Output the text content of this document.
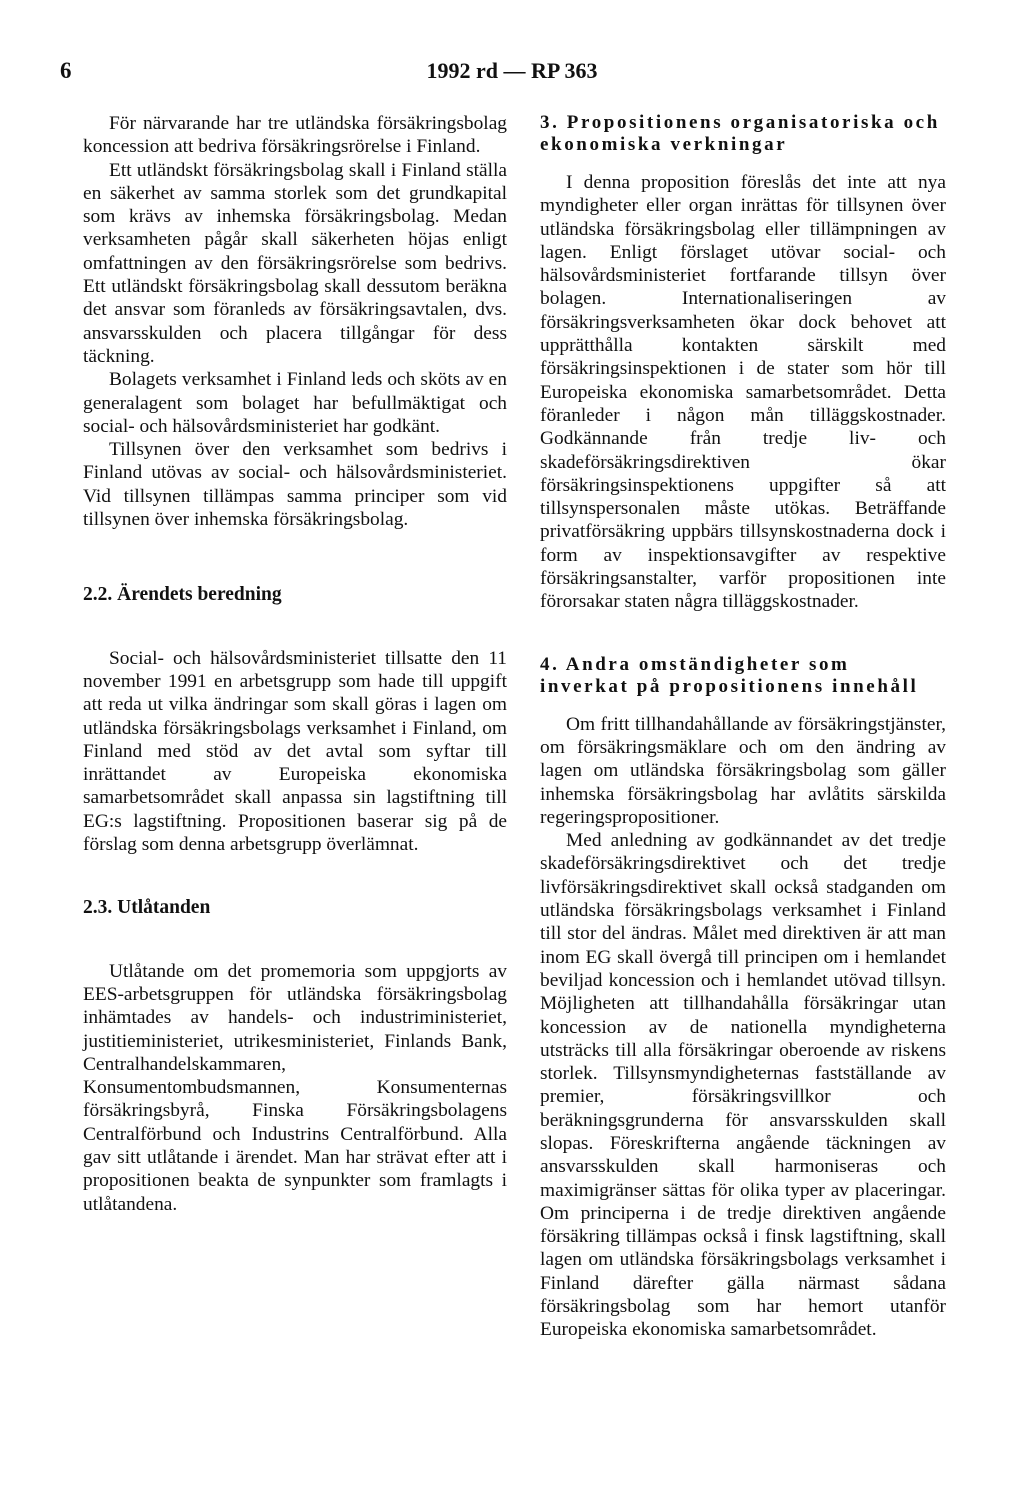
6	1992 rd — RP 363

För närvarande har tre utländska försäkringsbolag koncession att bedriva försäkringsrörelse i Finland.

Ett utländskt försäkringsbolag skall i Finland ställa en säkerhet av samma storlek som det grundkapital som krävs av inhemska försäkringsbolag. Medan verksamheten pågår skall säkerheten höjas enligt omfattningen av den försäkringsrörelse som bedrivs. Ett utländskt försäkringsbolag skall dessutom beräkna det ansvar som föranleds av försäkringsavtalen, dvs. ansvarsskulden och placera tillgångar för dess täckning.

Bolagets verksamhet i Finland leds och sköts av en generalagent som bolaget har befullmäktigat och social- och hälsovårdsministeriet har godkänt.

Tillsynen över den verksamhet som bedrivs i Finland utövas av social- och hälsovårdsministeriet. Vid tillsynen tillämpas samma principer som vid tillsynen över inhemska försäkringsbolag.

2.2. Ärendets beredning

Social- och hälsovårdsministeriet tillsatte den 11 november 1991 en arbetsgrupp som hade till uppgift att reda ut vilka ändringar som skall göras i lagen om utländska försäkringsbolags verksamhet i Finland, om Finland med stöd av det avtal som syftar till inrättandet av Europeiska ekonomiska samarbetsområdet skall anpassa sin lagstiftning till EG:s lagstiftning. Propositionen baserar sig på de förslag som denna arbetsgrupp överlämnat.

2.3. Utlåtanden

Utlåtande om det promemoria som uppgjorts av EES-arbetsgruppen för utländska försäkringsbolag inhämtades av handels- och industriministeriet, justitieministeriet, utrikesministeriet, Finlands Bank, Centralhandelskammaren, Konsumentombudsmannen, Konsumenternas försäkringsbyrå, Finska Försäkringsbolagens Centralförbund och Industrins Centralförbund. Alla gav sitt utlåtande i ärendet. Man har strävat efter att i propositionen beakta de synpunkter som framlagts i utlåtandena.

3. Propositionens organisatoriska och ekonomiska verkningar

I denna proposition föreslås det inte att nya myndigheter eller organ inrättas för tillsynen över utländska försäkringsbolag eller tillämpningen av lagen. Enligt förslaget utövar social- och hälsovårdsministeriet fortfarande tillsyn över bolagen. Internationaliseringen av försäkringsverksamheten ökar dock behovet att upprätthålla kontakten särskilt med försäkringsinspektionen i de stater som hör till Europeiska ekonomiska samarbetsområdet. Detta föranleder i någon mån tilläggskostnader. Godkännande från tredje liv- och skadeförsäkringsdirektiven ökar försäkringsinspektionens uppgifter så att tillsynspersonalen måste utökas. Beträffande privatförsäkring uppbärs tillsynskostnaderna dock i form av inspektionsavgifter av respektive försäkringsanstalter, varför propositionen inte förorsakar staten några tilläggskostnader.

4. Andra omständigheter som inverkat på propositionens innehåll

Om fritt tillhandahållande av försäkringstjänster, om försäkringsmäklare och om den ändring av lagen om utländska försäkringsbolag som gäller inhemska försäkringsbolag har avlåtits särskilda regeringspropositioner.

Med anledning av godkännandet av det tredje skadeförsäkringsdirektivet och det tredje livförsäkringsdirektivet skall också stadganden om utländska försäkringsbolags verksamhet i Finland till stor del ändras. Målet med direktiven är att man inom EG skall övergå till principen om i hemlandet beviljad koncession och i hemlandet utövad tillsyn. Möjligheten att tillhandahålla försäkringar utan koncession av de nationella myndigheterna utsträcks till alla försäkringar oberoende av riskens storlek. Tillsynsmyndigheternas fastställande av premier, försäkringsvillkor och beräkningsgrunderna för ansvarsskulden skall slopas. Föreskrifterna angående täckningen av ansvarsskulden skall harmoniseras och maximigränser sättas för olika typer av placeringar. Om principerna i de tredje direktiven angående försäkring tillämpas också i finsk lagstiftning, skall lagen om utländska försäkringsbolags verksamhet i Finland därefter gälla närmast sådana försäkringsbolag som har hemort utanför Europeiska ekonomiska samarbetsområdet.
